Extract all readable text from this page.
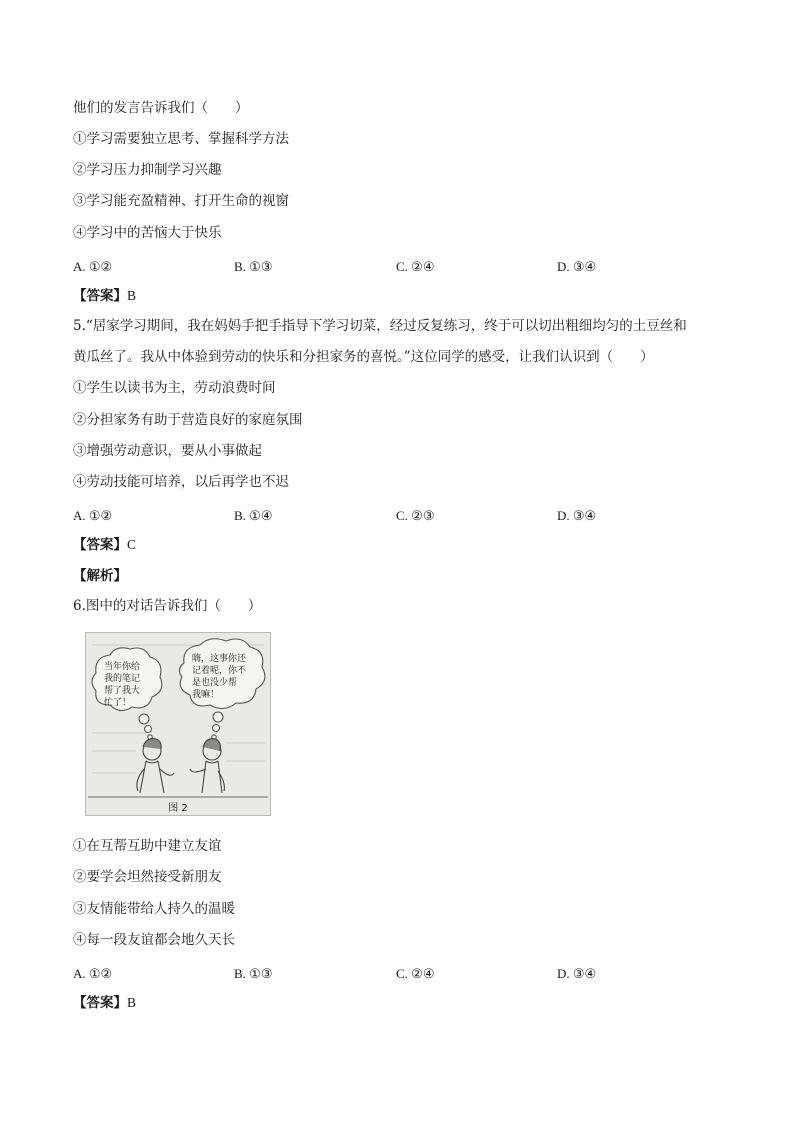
他们的发言告诉我们（　　）
①学习需要独立思考、掌握科学方法
②学习压力抑制学习兴趣
③学习能充盈精神、打开生命的视窗
④学习中的苦恼大于快乐
A. ①②	B. ①③	C. ②④	D. ③④
【答案】B
5.“居家学习期间，我在妈妈手把手指导下学习切菜，经过反复练习，终于可以切出粗细均匀的土豆丝和
黄瓜丝了。我从中体验到劳动的快乐和分担家务的喜悦。”这位同学的感受，让我们认识到（　　）
①学生以读书为主，劳动浪费时间
②分担家务有助于营造良好的家庭氛围
③增强劳动意识，要从小事做起
④劳动技能可培养，以后再学也不迟
A. ①②	B. ①④	C. ②③	D. ③④
【答案】C
【解析】
6.图中的对话告诉我们（　　）
当年你给
我的笔记
帮了我大
忙了！
嗨，这事你还
记着呢，你不
是也没少帮
我嘛！
图 2
①在互帮互助中建立友谊
②要学会坦然接受新朋友
③友情能带给人持久的温暖
④每一段友谊都会地久天长
A. ①②	B. ①③	C. ②④	D. ③④
【答案】B
